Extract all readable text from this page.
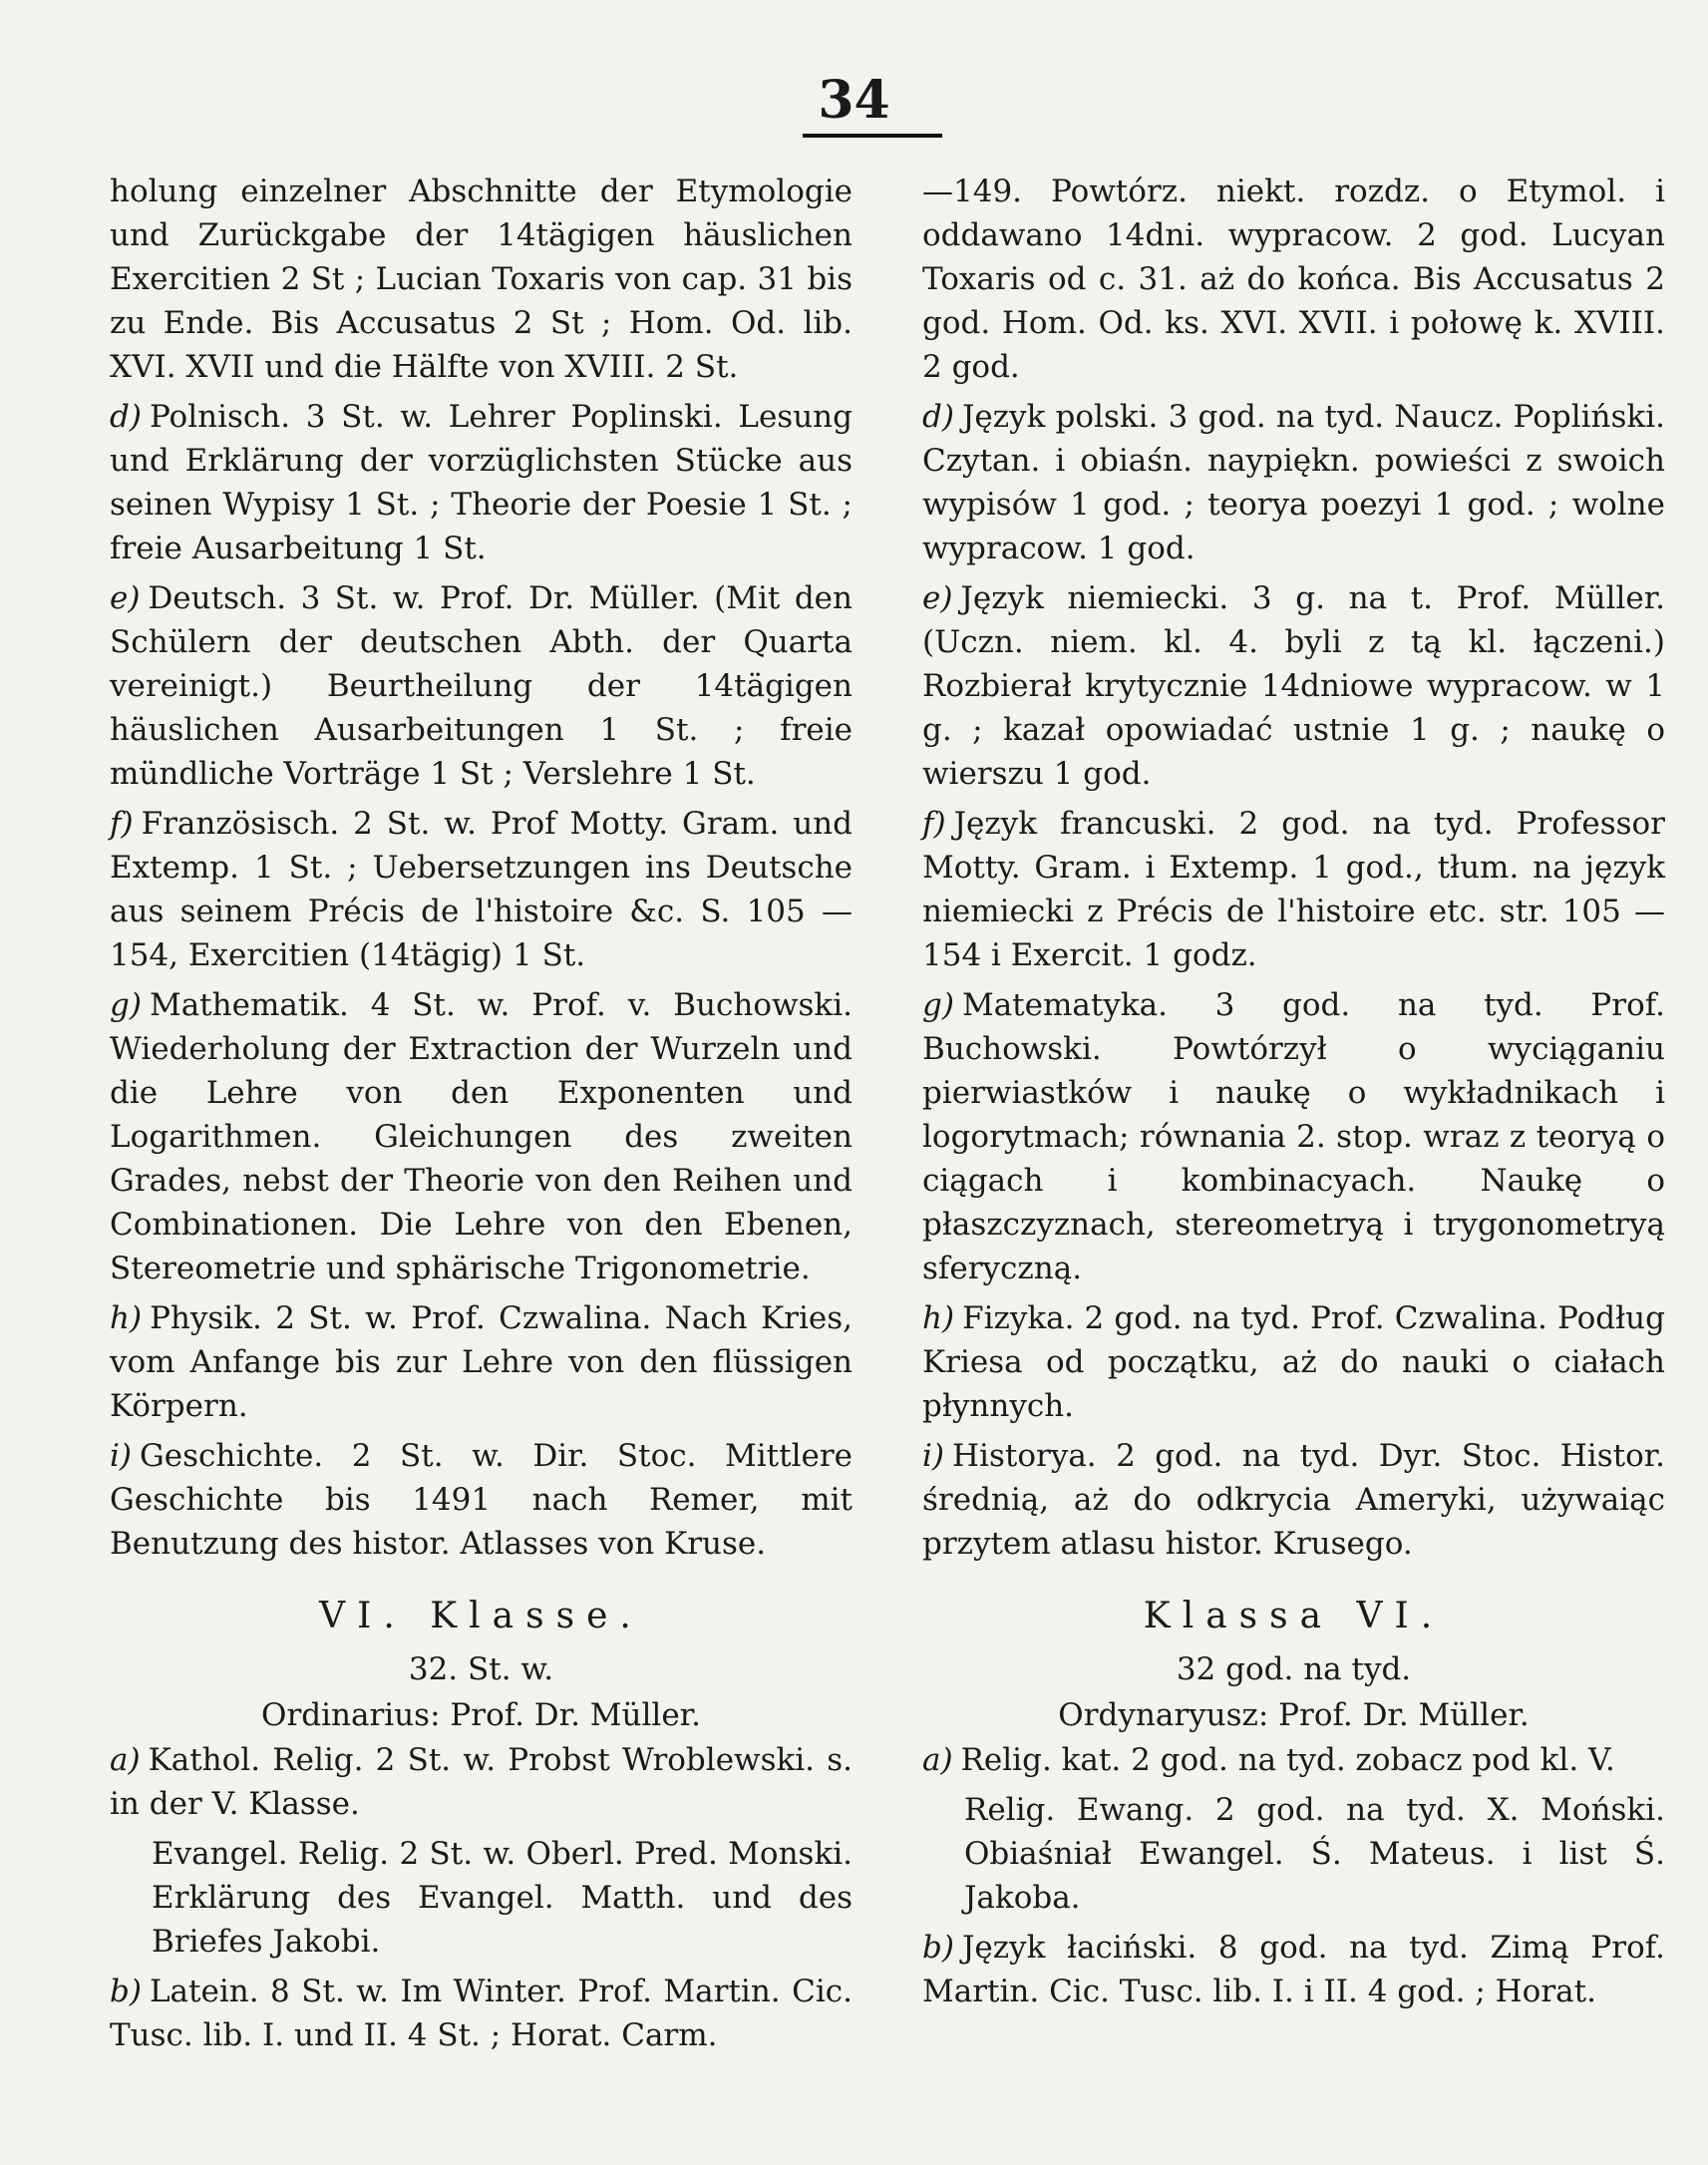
34

holung einzelner Abschnitte der Etymologie und Zurückgabe der 14tägigen häuslichen Exercitien 2 St ; Lucian Toxaris von cap. 31 bis zu Ende. Bis Accusatus 2 St ; Hom. Od. lib. XVI. XVII und die Hälfte von XVIII. 2 St.

d) Polnisch. 3 St. w. Lehrer Poplinski. Lesung und Erklärung der vorzüglichsten Stücke aus seinen Wypisy 1 St. ; Theorie der Poesie 1 St. ; freie Ausarbeitung 1 St.

e) Deutsch. 3 St. w. Prof. Dr. Müller. (Mit den Schülern der deutschen Abth. der Quarta vereinigt.) Beurtheilung der 14tägigen häuslichen Ausarbeitungen 1 St. ; freie mündliche Vorträge 1 St ; Verslehre 1 St.

f) Französisch. 2 St. w. Prof Motty. Gram. und Extemp. 1 St. ; Uebersetzungen ins Deutsche aus seinem Précis de l'histoire &c. S. 105 — 154, Exercitien (14tägig) 1 St.

g) Mathematik. 4 St. w. Prof. v. Buchowski. Wiederholung der Extraction der Wurzeln und die Lehre von den Exponenten und Logarithmen. Gleichungen des zweiten Grades, nebst der Theorie von den Reihen und Combinationen. Die Lehre von den Ebenen, Stereometrie und sphärische Trigonometrie.

h) Physik. 2 St. w. Prof. Czwalina. Nach Kries, vom Anfange bis zur Lehre von den flüssigen Körpern.

i) Geschichte. 2 St. w. Dir. Stoc. Mittlere Geschichte bis 1491 nach Remer, mit Benutzung des histor. Atlasses von Kruse.

VI. Klasse.
32. St. w.
Ordinarius: Prof. Dr. Müller.

a) Kathol. Relig. 2 St. w. Probst Wroblewski. s. in der V. Klasse.

Evangel. Relig. 2 St. w. Oberl. Pred. Monski. Erklärung des Evangel. Matth. und des Briefes Jakobi.

b) Latein. 8 St. w. Im Winter. Prof. Martin. Cic. Tusc. lib. I. und II. 4 St. ; Horat. Carm.

—149. Powtórz. niekt. rozdz. o Etymol. i oddawano 14dni. wypracow. 2 god. Lucyan Toxaris od c. 31. aż do końca. Bis Accusatus 2 god. Hom. Od. ks. XVI. XVII. i połowę k. XVIII. 2 god.

d) Język polski. 3 god. na tyd. Naucz. Popliński. Czytan. i obiaśn. naypiękn. powieści z swoich wypisów 1 god. ; teorya poezyi 1 god. ; wolne wypracow. 1 god.

e) Język niemiecki. 3 g. na t. Prof. Müller. (Uczn. niem. kl. 4. byli z tą kl. łączeni.) Rozbierał krytycznie 14dniowe wypracow. w 1 g. ; kazał opowiadać ustnie 1 g. ; naukę o wierszu 1 god.

f) Język francuski. 2 god. na tyd. Professor Motty. Gram. i Extemp. 1 god., tłum. na język niemiecki z Précis de l'histoire etc. str. 105 — 154 i Exercit. 1 godz.

g) Matematyka. 3 god. na tyd. Prof. Buchowski. Powtórzył o wyciąganiu pierwiastków i naukę o wykładnikach i logorytmach; równania 2. stop. wraz z teoryą o ciągach i kombinacyach. Naukę o płaszczyznach, stereometryą i trygonometryą sferyczną.

h) Fizyka. 2 god. na tyd. Prof. Czwalina. Podług Kriesa od początku, aż do nauki o ciałach płynnych.

i) Historya. 2 god. na tyd. Dyr. Stoc. Histor. średnią, aż do odkrycia Ameryki, używaiąc przytem atlasu histor. Krusego.

Klassa VI.
32 god. na tyd.
Ordynaryusz: Prof. Dr. Müller.

a) Relig. kat. 2 god. na tyd. zobacz pod kl. V.

Relig. Ewang. 2 god. na tyd. X. Moński. Obiaśniał Ewangel. Ś. Mateus. i list Ś. Jakoba.

b) Język łaciński. 8 god. na tyd. Zimą Prof. Martin. Cic. Tusc. lib. I. i II. 4 god. ; Horat.
